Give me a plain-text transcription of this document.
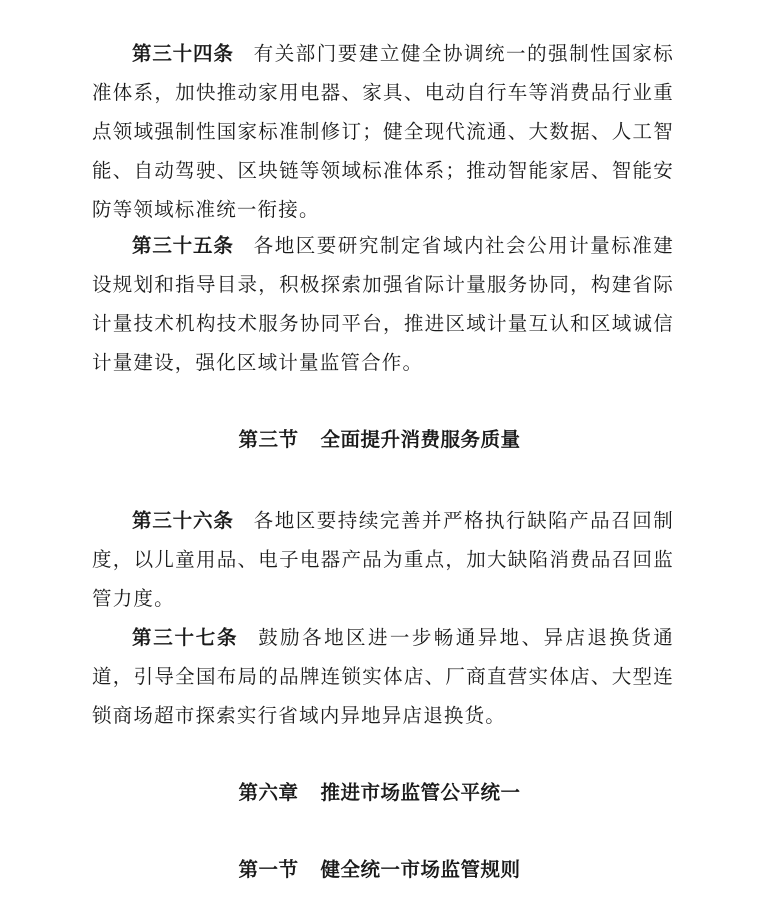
第三十四条 有关部门要建立健全协调统一的强制性国家标准体系，加快推动家用电器、家具、电动自行车等消费品行业重点领域强制性国家标准制修订；健全现代流通、大数据、人工智能、自动驾驶、区块链等领域标准体系；推动智能家居、智能安防等领域标准统一衔接。

第三十五条 各地区要研究制定省域内社会公用计量标准建设规划和指导目录，积极探索加强省际计量服务协同，构建省际计量技术机构技术服务协同平台，推进区域计量互认和区域诚信计量建设，强化区域计量监管合作。

第三节 全面提升消费服务质量

第三十六条 各地区要持续完善并严格执行缺陷产品召回制度，以儿童用品、电子电器产品为重点，加大缺陷消费品召回监管力度。

第三十七条 鼓励各地区进一步畅通异地、异店退换货通道，引导全国布局的品牌连锁实体店、厂商直营实体店、大型连锁商场超市探索实行省域内异地异店退换货。

第六章 推进市场监管公平统一
第一节 健全统一市场监管规则
